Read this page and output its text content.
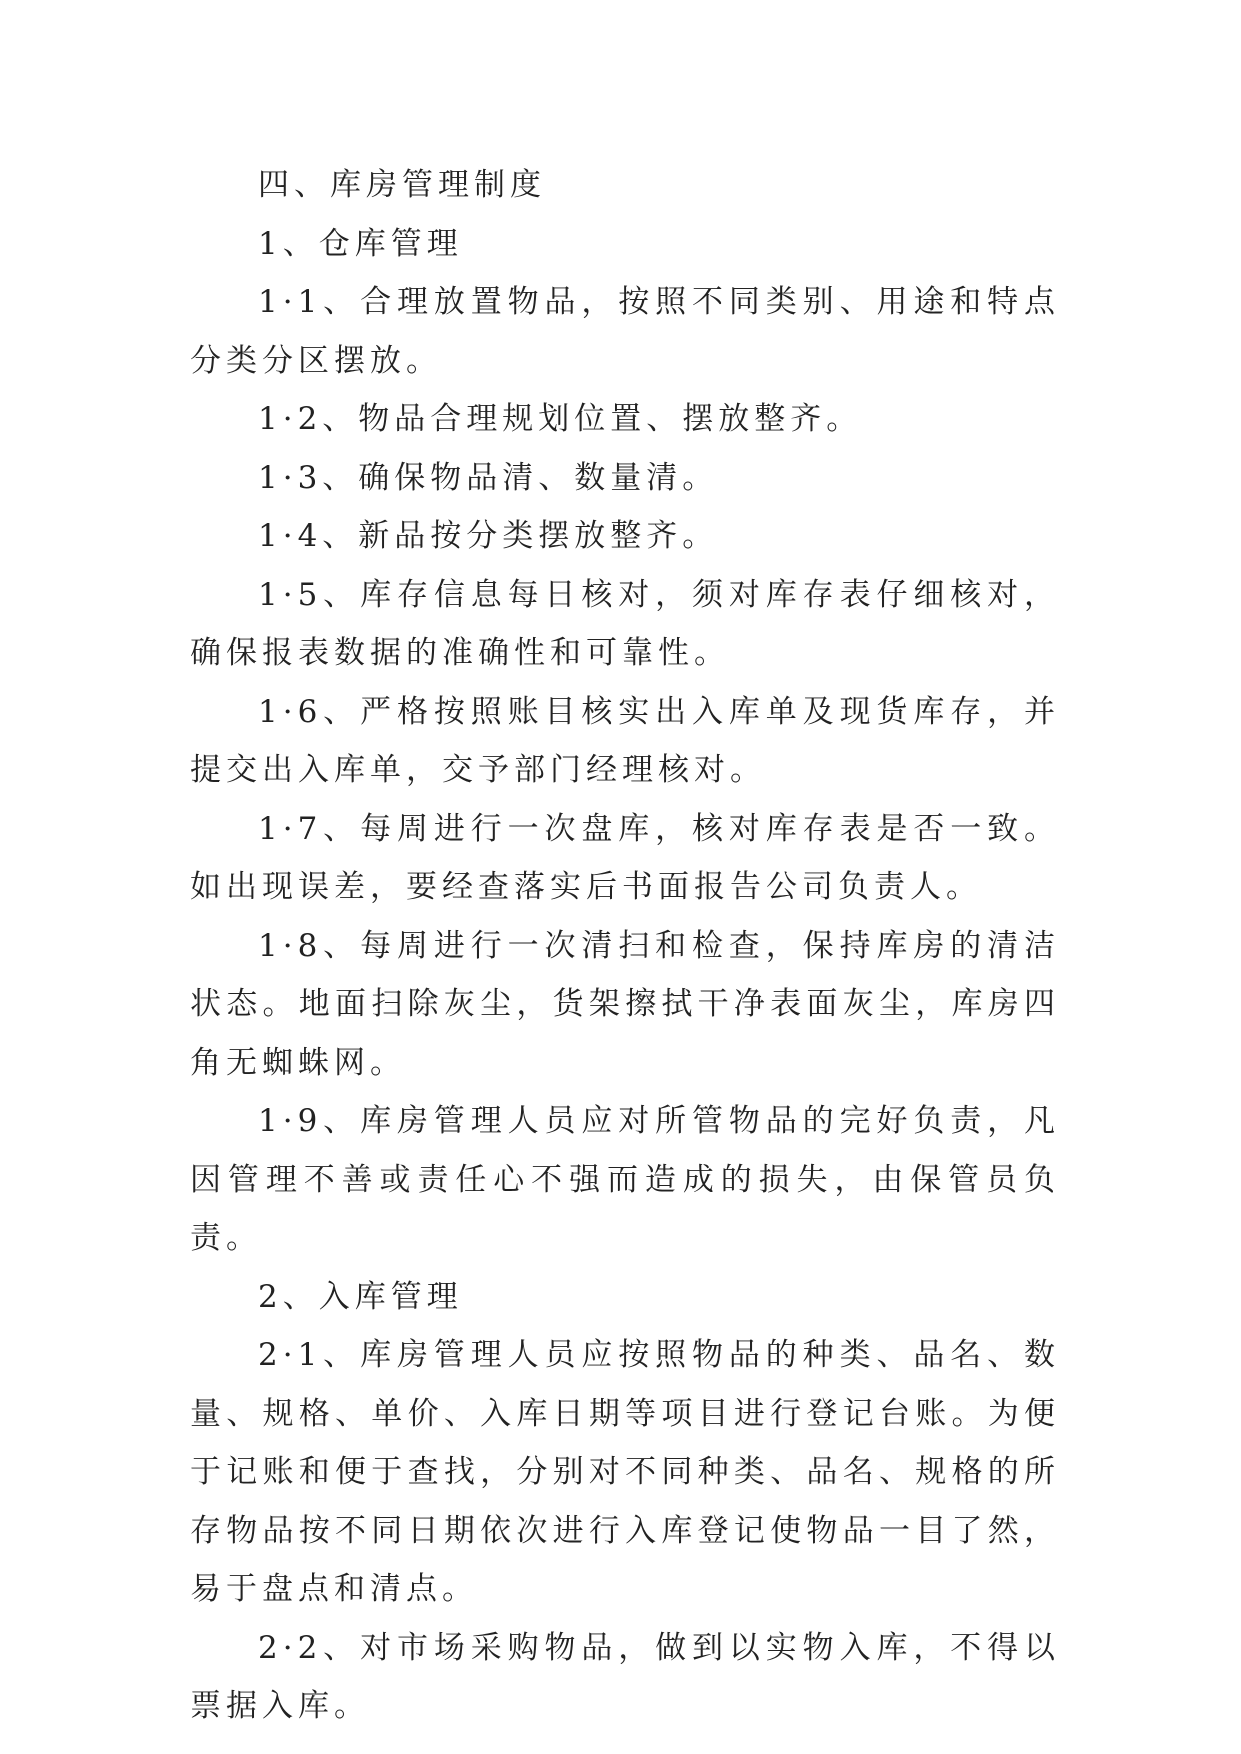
四、库房管理制度

1、仓库管理

1·1、合理放置物品，按照不同类别、用途和特点分类分区摆放。

1·2、物品合理规划位置、摆放整齐。

1·3、确保物品清、数量清。

1·4、新品按分类摆放整齐。

1·5、库存信息每日核对，须对库存表仔细核对，确保报表数据的准确性和可靠性。

1·6、严格按照账目核实出入库单及现货库存，并提交出入库单，交予部门经理核对。

1·7、每周进行一次盘库，核对库存表是否一致。如出现误差，要经查落实后书面报告公司负责人。

1·8、每周进行一次清扫和检查，保持库房的清洁状态。地面扫除灰尘，货架擦拭干净表面灰尘，库房四角无蜘蛛网。

1·9、库房管理人员应对所管物品的完好负责，凡因管理不善或责任心不强而造成的损失，由保管员负责。

2、入库管理

2·1、库房管理人员应按照物品的种类、品名、数量、规格、单价、入库日期等项目进行登记台账。为便于记账和便于查找，分别对不同种类、品名、规格的所存物品按不同日期依次进行入库登记使物品一目了然，易于盘点和清点。

2·2、对市场采购物品，做到以实物入库，不得以票据入库。
